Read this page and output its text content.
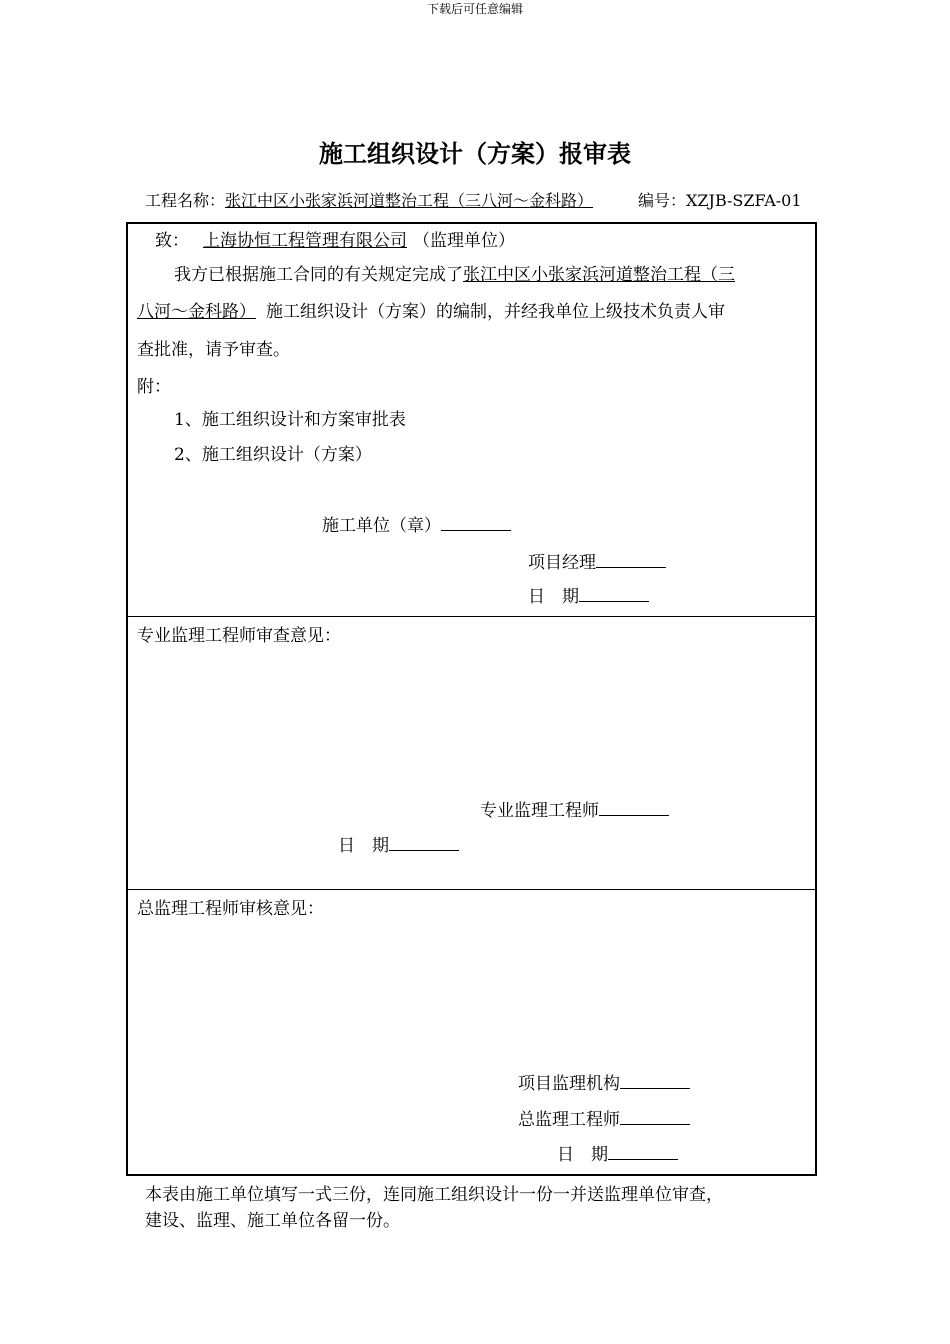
下载后可任意编辑
施工组织设计（方案）报审表
工程名称：张江中区小张家浜河道整治工程（三八河～金科路）	编号：XZJB-SZFA-01
致： 上海协恒工程管理有限公司 （监理单位）
我方已根据施工合同的有关规定完成了张江中区小张家浜河道整治工程（三
八河～金科路） 施工组织设计（方案）的编制，并经我单位上级技术负责人审
查批准，请予审查。
附：
1、施工组织设计和方案审批表
2、施工组织设计（方案）
施工单位（章）
项目经理
日　期
专业监理工程师审查意见：
专业监理工程师
日　期
总监理工程师审核意见：
项目监理机构
总监理工程师
日　期
本表由施工单位填写一式三份，连同施工组织设计一份一并送监理单位审查，
建设、监理、施工单位各留一份。
